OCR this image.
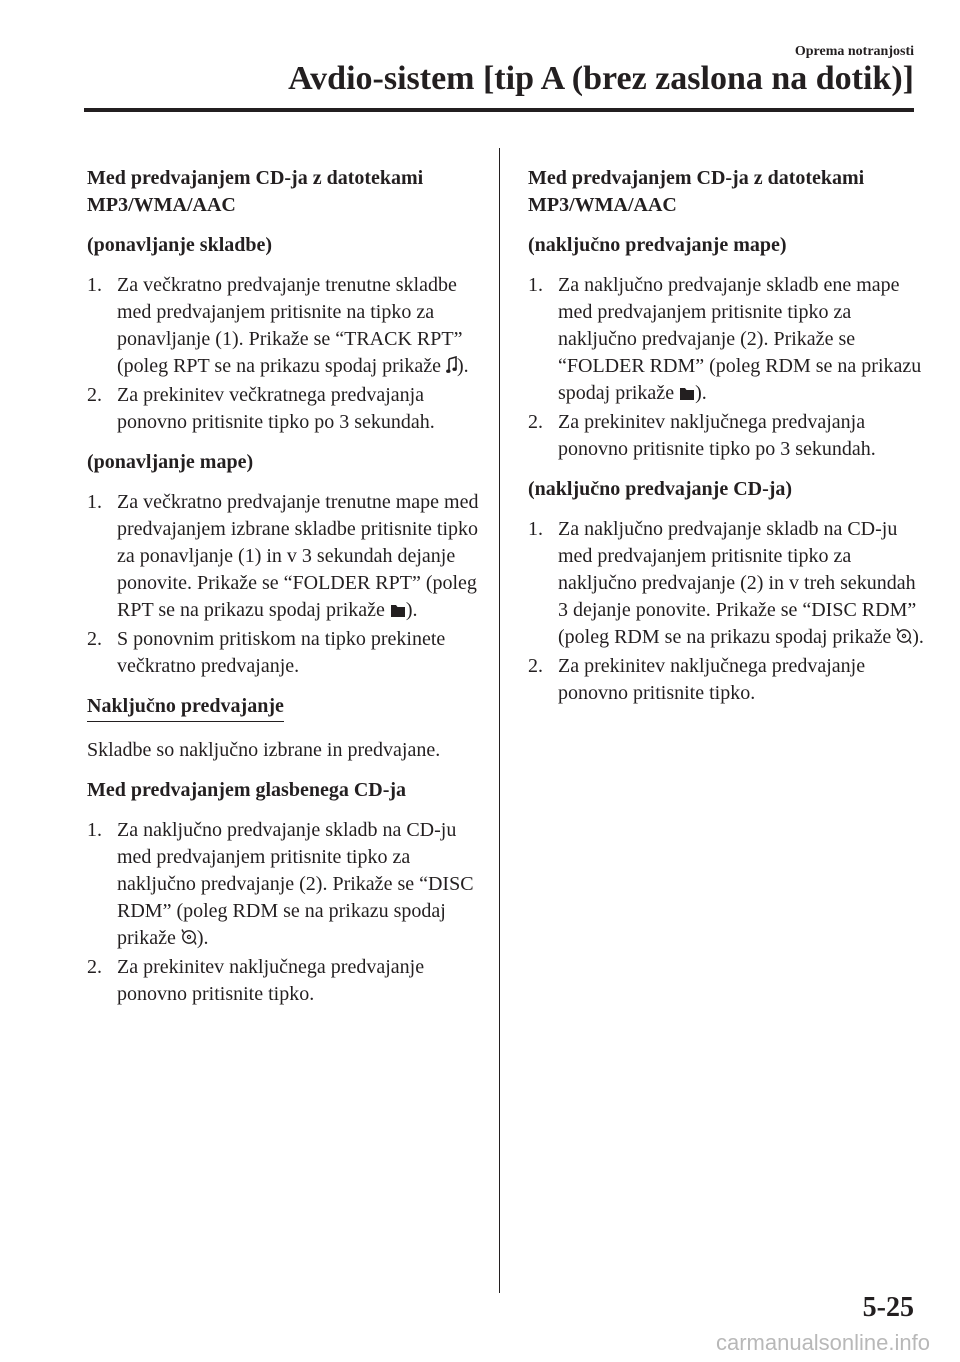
Oprema notranjosti
Avdio-sistem [tip A (brez zaslona na dotik)]
Med predvajanjem CD-ja z datotekami MP3/WMA/AAC
(ponavljanje skladbe)
1. Za večkratno predvajanje trenutne skladbe med predvajanjem pritisnite na tipko za ponavljanje (1). Prikaže se “TRACK RPT” (poleg RPT se na prikazu spodaj prikaže ).
2. Za prekinitev večkratnega predvajanja ponovno pritisnite tipko po 3 sekundah.
(ponavljanje mape)
1. Za večkratno predvajanje trenutne mape med predvajanjem izbrane skladbe pritisnite tipko za ponavljanje (1) in v 3 sekundah dejanje ponovite. Prikaže se “FOLDER RPT” (poleg RPT se na prikazu spodaj prikaže ).
2. S ponovnim pritiskom na tipko prekinete večkratno predvajanje.
Naključno predvajanje
Skladbe so naključno izbrane in predvajane.
Med predvajanjem glasbenega CD-ja
1. Za naključno predvajanje skladb na CD-ju med predvajanjem pritisnite tipko za naključno predvajanje (2). Prikaže se “DISC RDM” (poleg RDM se na prikazu spodaj prikaže ).
2. Za prekinitev naključnega predvajanje ponovno pritisnite tipko.
Med predvajanjem CD-ja z datotekami MP3/WMA/AAC
(naključno predvajanje mape)
1. Za naključno predvajanje skladb ene mape med predvajanjem pritisnite tipko za naključno predvajanje (2). Prikaže se “FOLDER RDM” (poleg RDM se na prikazu spodaj prikaže ).
2. Za prekinitev naključnega predvajanja ponovno pritisnite tipko po 3 sekundah.
(naključno predvajanje CD-ja)
1. Za naključno predvajanje skladb na CD-ju med predvajanjem pritisnite tipko za naključno predvajanje (2) in v treh sekundah 3 dejanje ponovite. Prikaže se “DISC RDM” (poleg RDM se na prikazu spodaj prikaže ).
2. Za prekinitev naključnega predvajanje ponovno pritisnite tipko.
5-25
carmanualsonline.info
